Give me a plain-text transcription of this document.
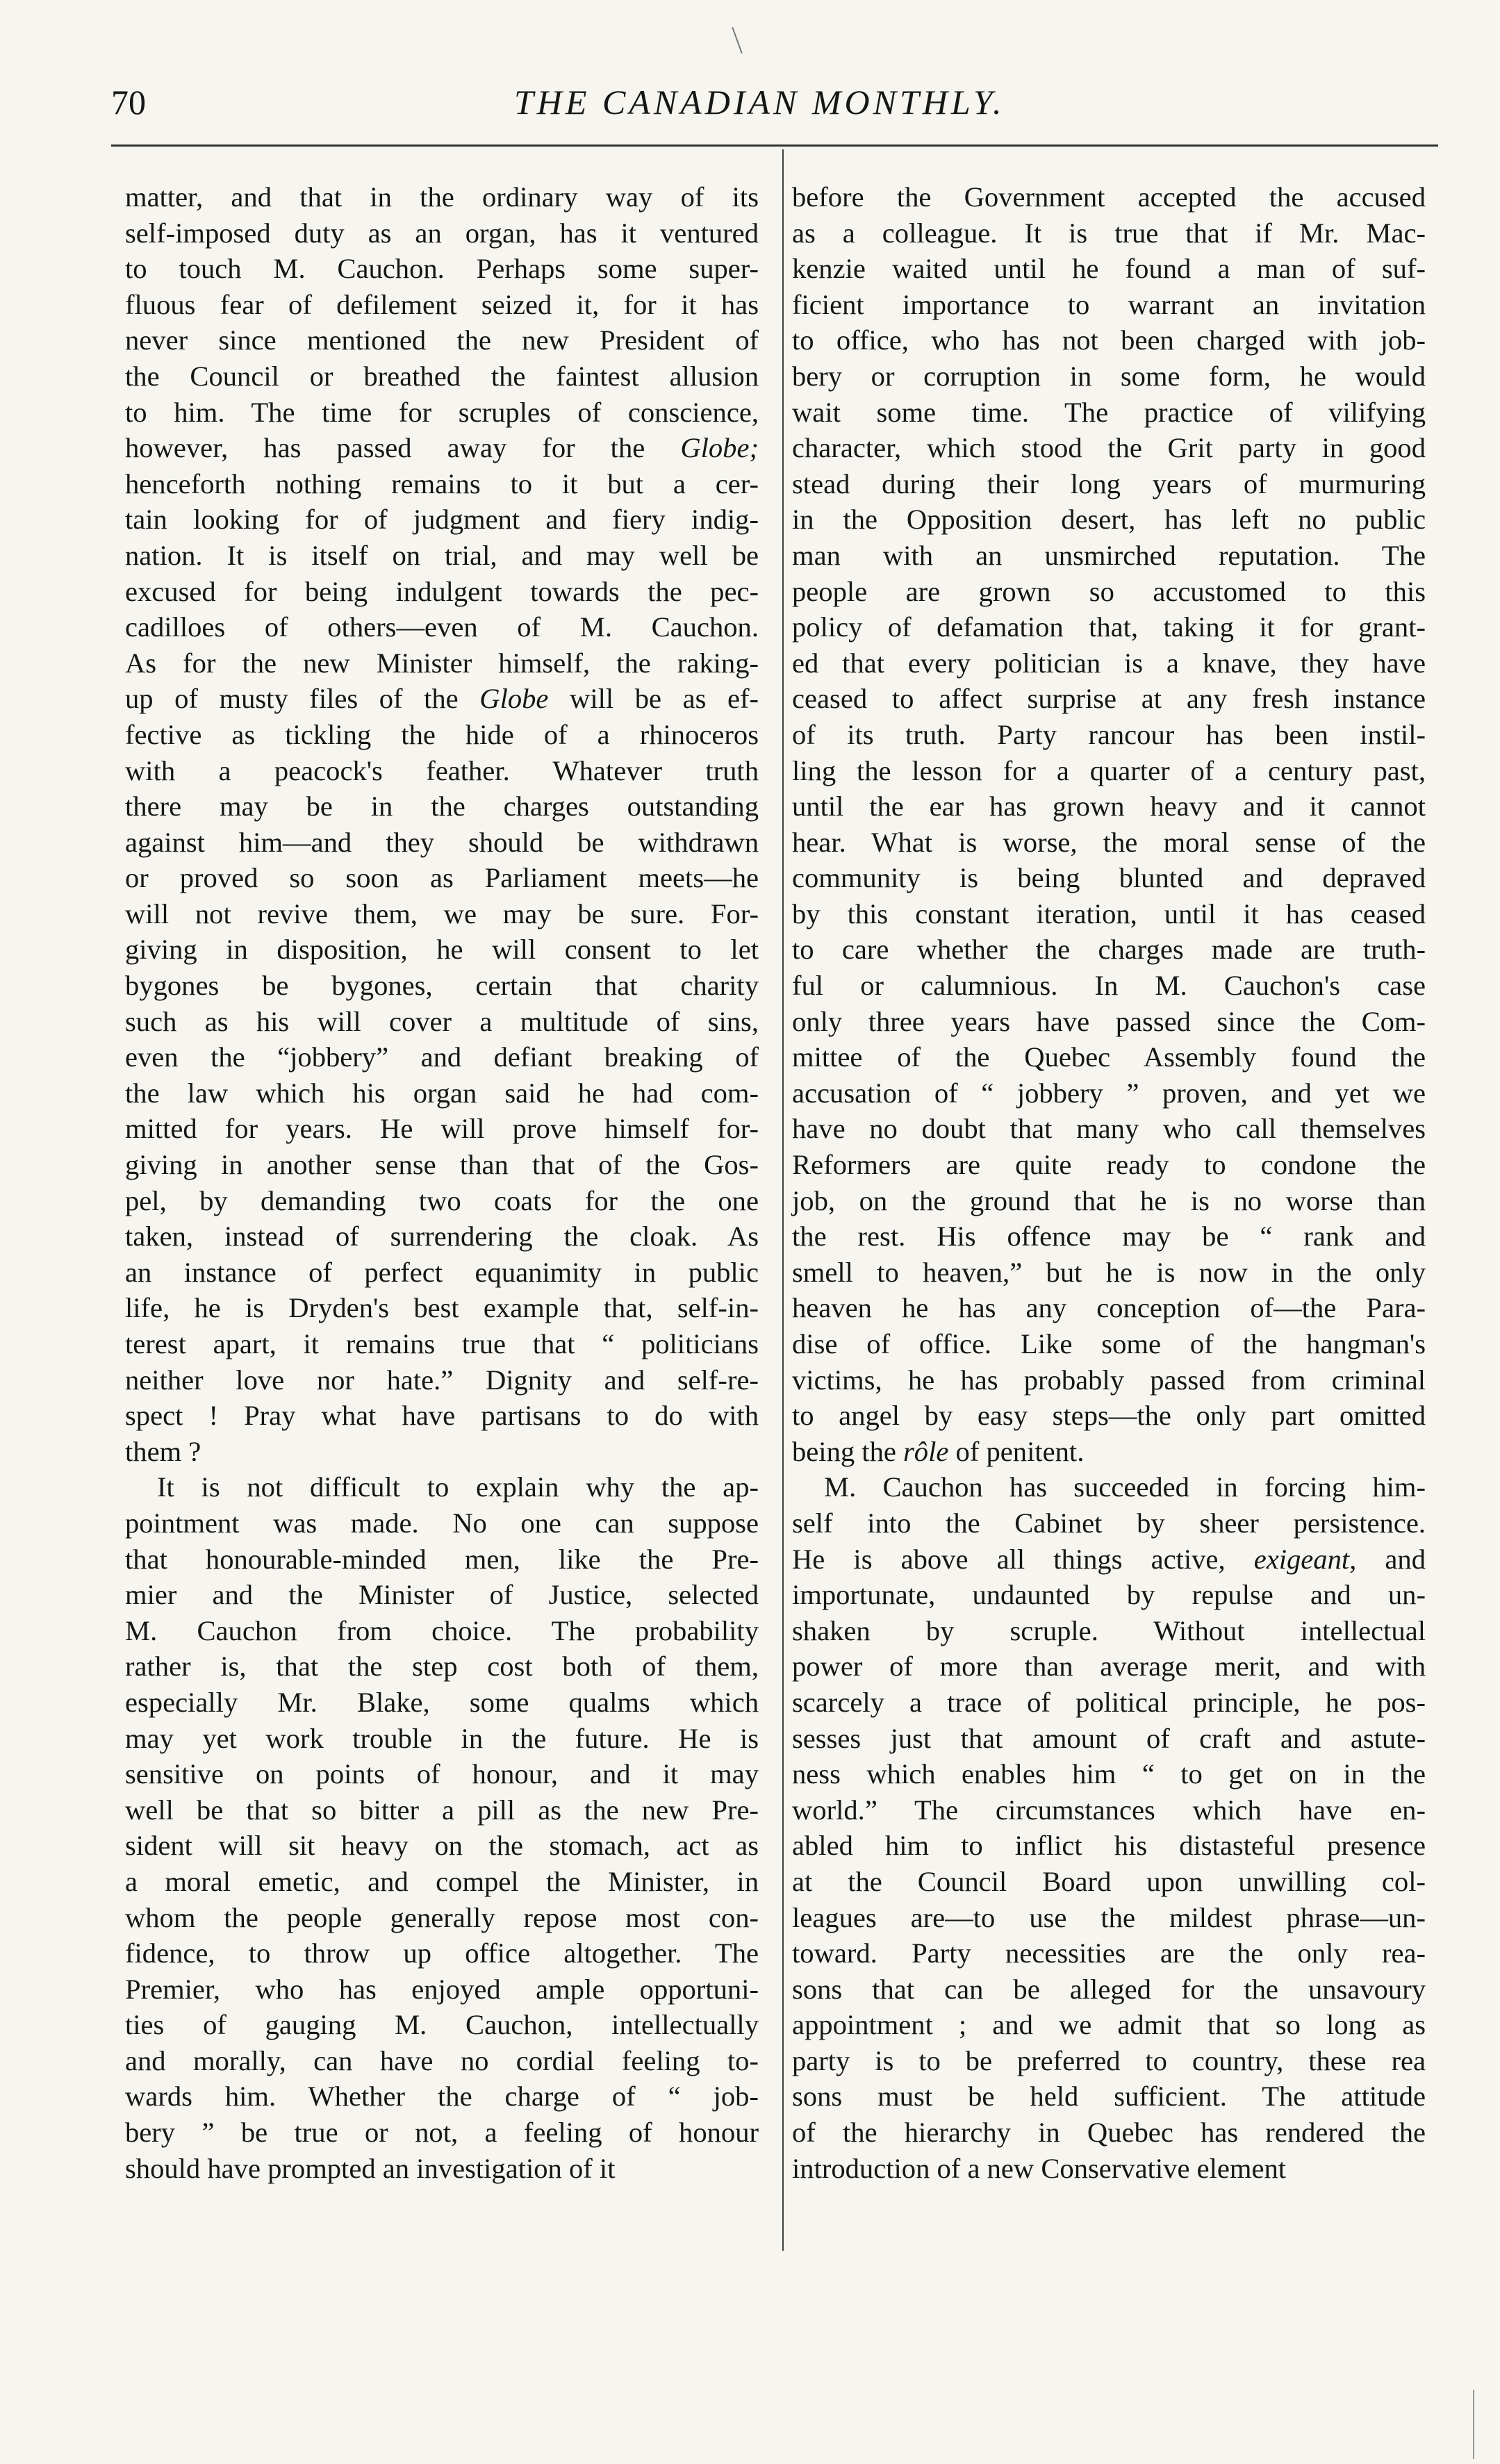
70	THE CANADIAN MONTHLY.

matter, and that in the ordinary way of its
self-imposed duty as an organ, has it ventured
to touch M. Cauchon. Perhaps some super-
fluous fear of defilement seized it, for it has
never since mentioned the new President of
the Council or breathed the faintest allusion
to him. The time for scruples of conscience,
however, has passed away for the Globe;
henceforth nothing remains to it but a cer-
tain looking for of judgment and fiery indig-
nation. It is itself on trial, and may well be
excused for being indulgent towards the pec-
cadilloes of others—even of M. Cauchon.
As for the new Minister himself, the raking-
up of musty files of the Globe will be as ef-
fective as tickling the hide of a rhinoceros
with a peacock's feather. Whatever truth
there may be in the charges outstanding
against him—and they should be withdrawn
or proved so soon as Parliament meets—he
will not revive them, we may be sure. For-
giving in disposition, he will consent to let
bygones be bygones, certain that charity
such as his will cover a multitude of sins,
even the “jobbery” and defiant breaking of
the law which his organ said he had com-
mitted for years. He will prove himself for-
giving in another sense than that of the Gos-
pel, by demanding two coats for the one
taken, instead of surrendering the cloak. As
an instance of perfect equanimity in public
life, he is Dryden's best example that, self-in-
terest apart, it remains true that “ politicians
neither love nor hate.” Dignity and self-re-
spect ! Pray what have partisans to do with
them ?

It is not difficult to explain why the ap-
pointment was made. No one can suppose
that honourable-minded men, like the Pre-
mier and the Minister of Justice, selected
M. Cauchon from choice. The probability
rather is, that the step cost both of them,
especially Mr. Blake, some qualms which
may yet work trouble in the future. He is
sensitive on points of honour, and it may
well be that so bitter a pill as the new Pre-
sident will sit heavy on the stomach, act as
a moral emetic, and compel the Minister, in
whom the people generally repose most con-
fidence, to throw up office altogether. The
Premier, who has enjoyed ample opportuni-
ties of gauging M. Cauchon, intellectually
and morally, can have no cordial feeling to-
wards him. Whether the charge of “ job-
bery ” be true or not, a feeling of honour
should have prompted an investigation of it

before the Government accepted the accused
as a colleague. It is true that if Mr. Mac-
kenzie waited until he found a man of suf-
ficient importance to warrant an invitation
to office, who has not been charged with job-
bery or corruption in some form, he would
wait some time. The practice of vilifying
character, which stood the Grit party in good
stead during their long years of murmuring
in the Opposition desert, has left no public
man with an unsmirched reputation. The
people are grown so accustomed to this
policy of defamation that, taking it for grant-
ed that every politician is a knave, they have
ceased to affect surprise at any fresh instance
of its truth. Party rancour has been instil-
ling the lesson for a quarter of a century past,
until the ear has grown heavy and it cannot
hear. What is worse, the moral sense of the
community is being blunted and depraved
by this constant iteration, until it has ceased
to care whether the charges made are truth-
ful or calumnious. In M. Cauchon's case
only three years have passed since the Com-
mittee of the Quebec Assembly found the
accusation of “ jobbery ” proven, and yet we
have no doubt that many who call themselves
Reformers are quite ready to condone the
job, on the ground that he is no worse than
the rest. His offence may be “ rank and
smell to heaven,” but he is now in the only
heaven he has any conception of—the Para-
dise of office. Like some of the hangman's
victims, he has probably passed from criminal
to angel by easy steps—the only part omitted
being the rôle of penitent.

M. Cauchon has succeeded in forcing him-
self into the Cabinet by sheer persistence.
He is above all things active, exigeant, and
importunate, undaunted by repulse and un-
shaken by scruple. Without intellectual
power of more than average merit, and with
scarcely a trace of political principle, he pos-
sesses just that amount of craft and astute-
ness which enables him “ to get on in the
world.” The circumstances which have en-
abled him to inflict his distasteful presence
at the Council Board upon unwilling col-
leagues are—to use the mildest phrase—un-
toward. Party necessities are the only rea-
sons that can be alleged for the unsavoury
appointment ; and we admit that so long as
party is to be preferred to country, these rea
sons must be held sufficient. The attitude
of the hierarchy in Quebec has rendered the
introduction of a new Conservative element
